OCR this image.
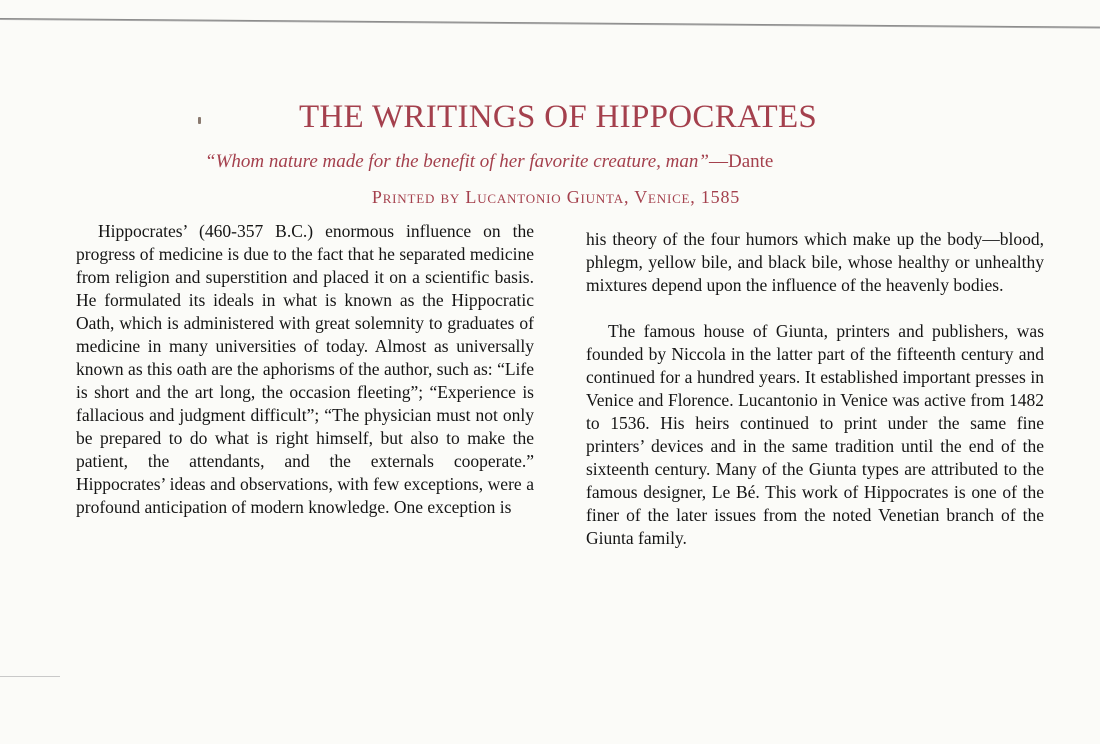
THE WRITINGS OF HIPPOCRATES
“Whom nature made for the benefit of her favorite creature, man”—Dante
Printed by Lucantonio Giunta, Venice, 1585

Hippocrates’ (460-357 B.C.) enormous influence on the progress of medicine is due to the fact that he separated medicine from religion and superstition and placed it on a scientific basis. He formulated its ideals in what is known as the Hippocratic Oath, which is administered with great solemnity to graduates of medicine in many universities of today. Almost as universally known as this oath are the aphorisms of the author, such as: “Life is short and the art long, the occasion fleeting”; “Experience is fallacious and judgment difficult”; “The physician must not only be prepared to do what is right himself, but also to make the patient, the attendants, and the externals cooperate.” Hippocrates’ ideas and observations, with few exceptions, were a profound anticipation of modern knowledge. One exception is

his theory of the four humors which make up the body—blood, phlegm, yellow bile, and black bile, whose healthy or unhealthy mixtures depend upon the influence of the heavenly bodies.

The famous house of Giunta, printers and publishers, was founded by Niccola in the latter part of the fifteenth century and continued for a hundred years. It established important presses in Venice and Florence. Lucantonio in Venice was active from 1482 to 1536. His heirs continued to print under the same fine printers’ devices and in the same tradition until the end of the sixteenth century. Many of the Giunta types are attributed to the famous designer, Le Bé. This work of Hippocrates is one of the finer of the later issues from the noted Venetian branch of the Giunta family.
